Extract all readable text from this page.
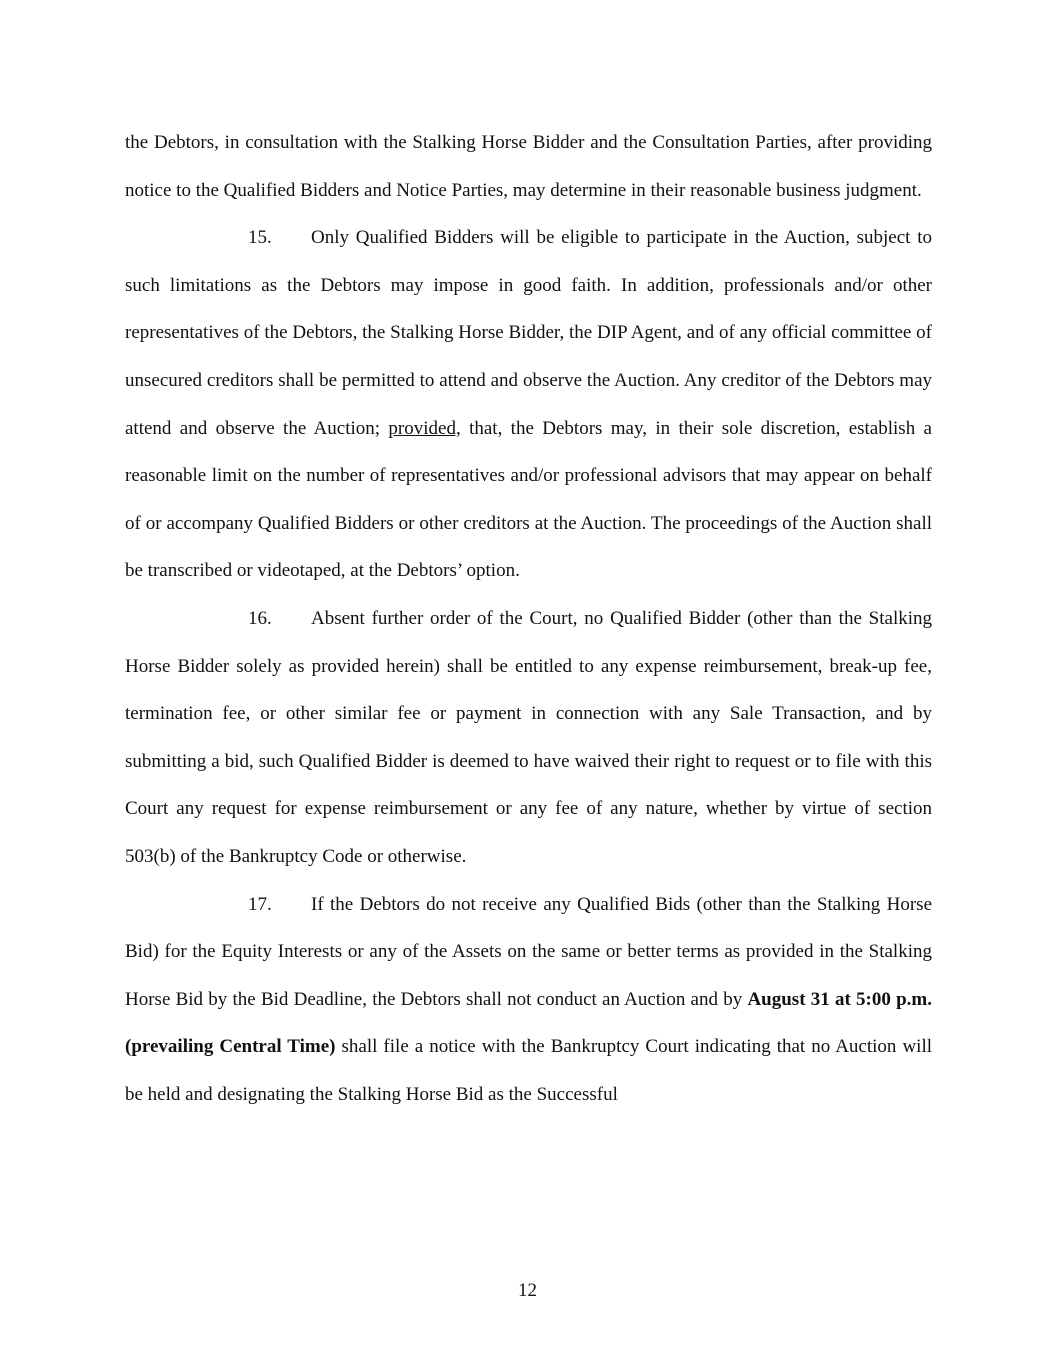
the Debtors, in consultation with the Stalking Horse Bidder and the Consultation Parties, after providing notice to the Qualified Bidders and Notice Parties, may determine in their reasonable business judgment.

15. Only Qualified Bidders will be eligible to participate in the Auction, subject to such limitations as the Debtors may impose in good faith. In addition, professionals and/or other representatives of the Debtors, the Stalking Horse Bidder, the DIP Agent, and of any official committee of unsecured creditors shall be permitted to attend and observe the Auction. Any creditor of the Debtors may attend and observe the Auction; provided, that, the Debtors may, in their sole discretion, establish a reasonable limit on the number of representatives and/or professional advisors that may appear on behalf of or accompany Qualified Bidders or other creditors at the Auction. The proceedings of the Auction shall be transcribed or videotaped, at the Debtors’ option.

16. Absent further order of the Court, no Qualified Bidder (other than the Stalking Horse Bidder solely as provided herein) shall be entitled to any expense reimbursement, break-up fee, termination fee, or other similar fee or payment in connection with any Sale Transaction, and by submitting a bid, such Qualified Bidder is deemed to have waived their right to request or to file with this Court any request for expense reimbursement or any fee of any nature, whether by virtue of section 503(b) of the Bankruptcy Code or otherwise.

17. If the Debtors do not receive any Qualified Bids (other than the Stalking Horse Bid) for the Equity Interests or any of the Assets on the same or better terms as provided in the Stalking Horse Bid by the Bid Deadline, the Debtors shall not conduct an Auction and by August 31 at 5:00 p.m. (prevailing Central Time) shall file a notice with the Bankruptcy Court indicating that no Auction will be held and designating the Stalking Horse Bid as the Successful

12
